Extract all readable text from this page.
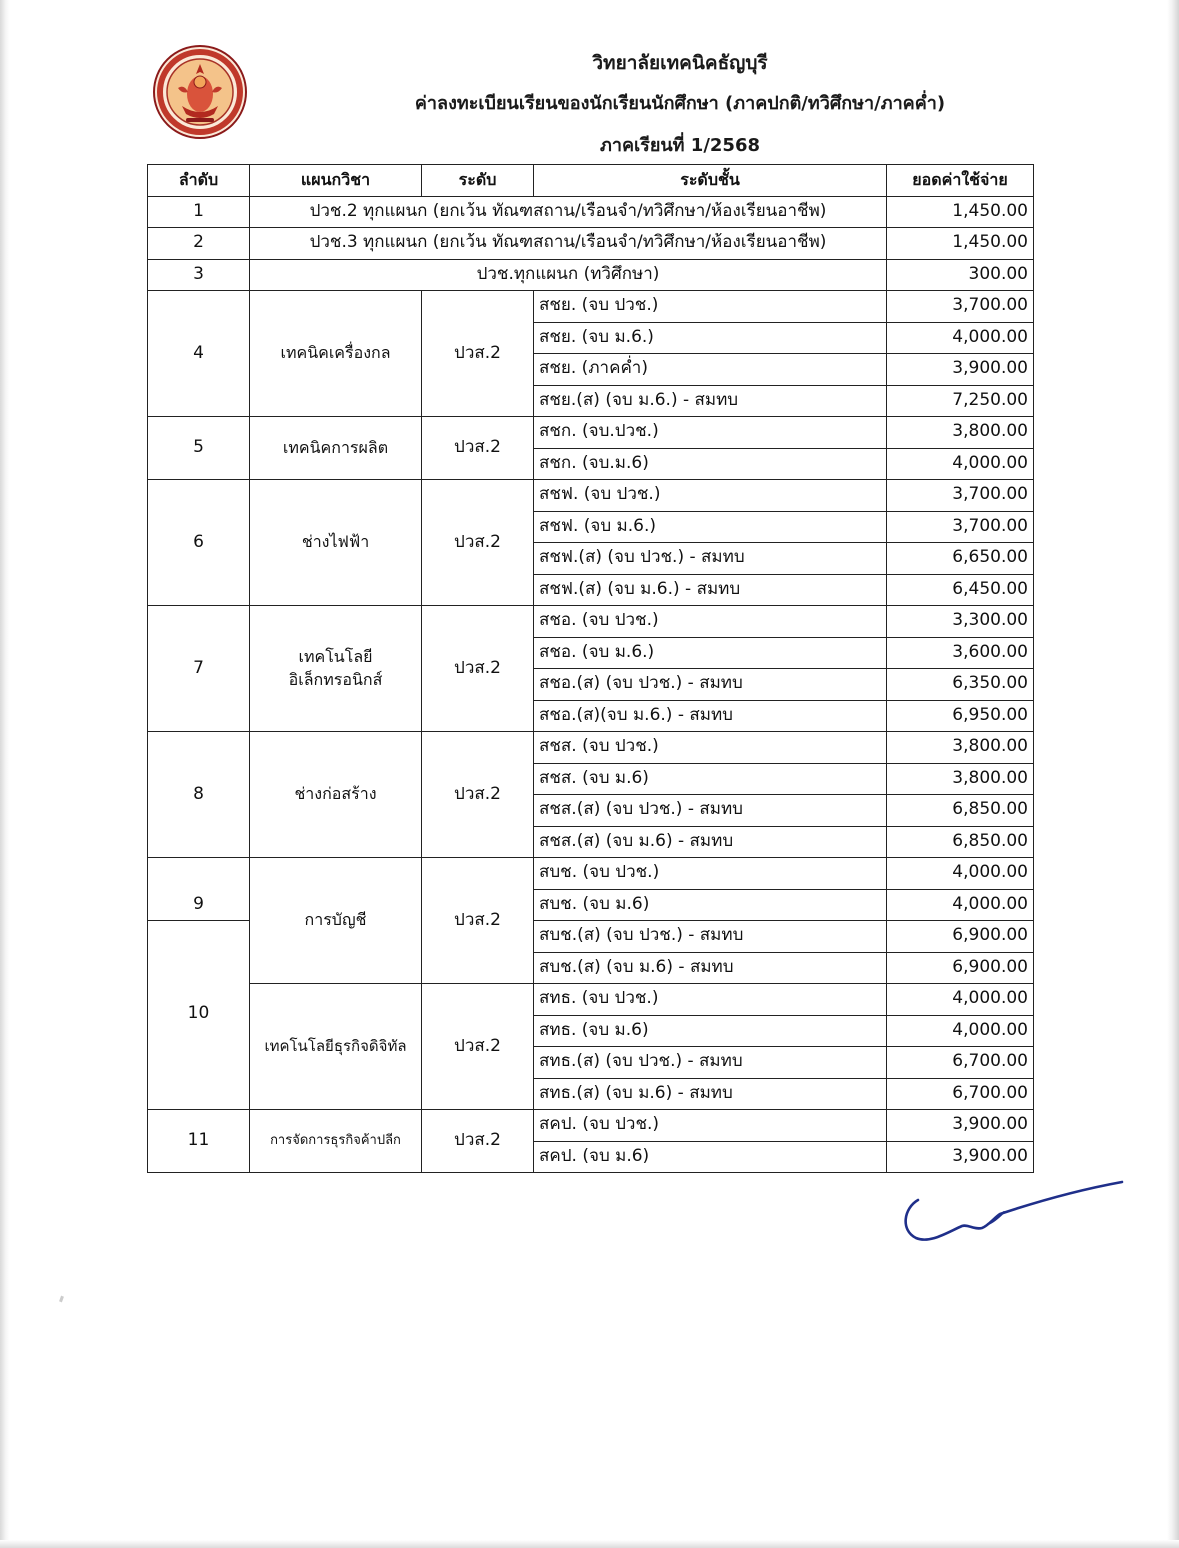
วิทยาลัยเทคนิคธัญบุรี
ค่าลงทะเบียนเรียนของนักเรียนนักศึกษา (ภาคปกติ/ทวิศึกษา/ภาคค่ำ)
ภาคเรียนที่ 1/2568
ลำดับ	แผนกวิชา	ระดับ	ระดับชั้น	ยอดค่าใช้จ่าย
1	ปวช.2 ทุกแผนก (ยกเว้น ทัณฑสถาน/เรือนจำ/ทวิศึกษา/ห้องเรียนอาชีพ)			1,450.00
2	ปวช.3 ทุกแผนก (ยกเว้น ทัณฑสถาน/เรือนจำ/ทวิศึกษา/ห้องเรียนอาชีพ)			1,450.00
3	ปวช.ทุกแผนก (ทวิศึกษา)			300.00
4	เทคนิคเครื่องกล	ปวส.2	สชย. (จบ ปวช.)	3,700.00
			สชย. (จบ ม.6.)	4,000.00
			สชย. (ภาคค่ำ)	3,900.00
			สชย.(ส) (จบ ม.6.) - สมทบ	7,250.00
5	เทคนิคการผลิต	ปวส.2	สชก. (จบ.ปวช.)	3,800.00
			สชก. (จบ.ม.6)	4,000.00
6	ช่างไฟฟ้า	ปวส.2	สชฟ. (จบ ปวช.)	3,700.00
			สชฟ. (จบ ม.6.)	3,700.00
			สชฟ.(ส) (จบ ปวช.) - สมทบ	6,650.00
			สชฟ.(ส) (จบ ม.6.) - สมทบ	6,450.00
7	เทคโนโลยี
อิเล็กทรอนิกส์	ปวส.2	สชอ. (จบ ปวช.)	3,300.00
			สชอ. (จบ ม.6.)	3,600.00
			สชอ.(ส) (จบ ปวช.) - สมทบ	6,350.00
			สชอ.(ส)(จบ ม.6.) - สมทบ	6,950.00
8	ช่างก่อสร้าง	ปวส.2	สชส. (จบ ปวช.)	3,800.00
			สชส. (จบ ม.6)	3,800.00
			สชส.(ส) (จบ ปวช.) - สมทบ	6,850.00
			สชส.(ส) (จบ ม.6) - สมทบ	6,850.00
9	การบัญชี	ปวส.2	สบช. (จบ ปวช.)	4,000.00
			สบช. (จบ ม.6)	4,000.00
10			สบช.(ส) (จบ ปวช.) - สมทบ	6,900.00
			สบช.(ส) (จบ ม.6) - สมทบ	6,900.00
	เทคโนโลยีธุรกิจดิจิทัล	ปวส.2	สทธ. (จบ ปวช.)	4,000.00
			สทธ. (จบ ม.6)	4,000.00
			สทธ.(ส) (จบ ปวช.) - สมทบ	6,700.00
			สทธ.(ส) (จบ ม.6) - สมทบ	6,700.00
11	การจัดการธุรกิจค้าปลีก	ปวส.2	สคป. (จบ ปวช.)	3,900.00
			สคป. (จบ ม.6)	3,900.00
